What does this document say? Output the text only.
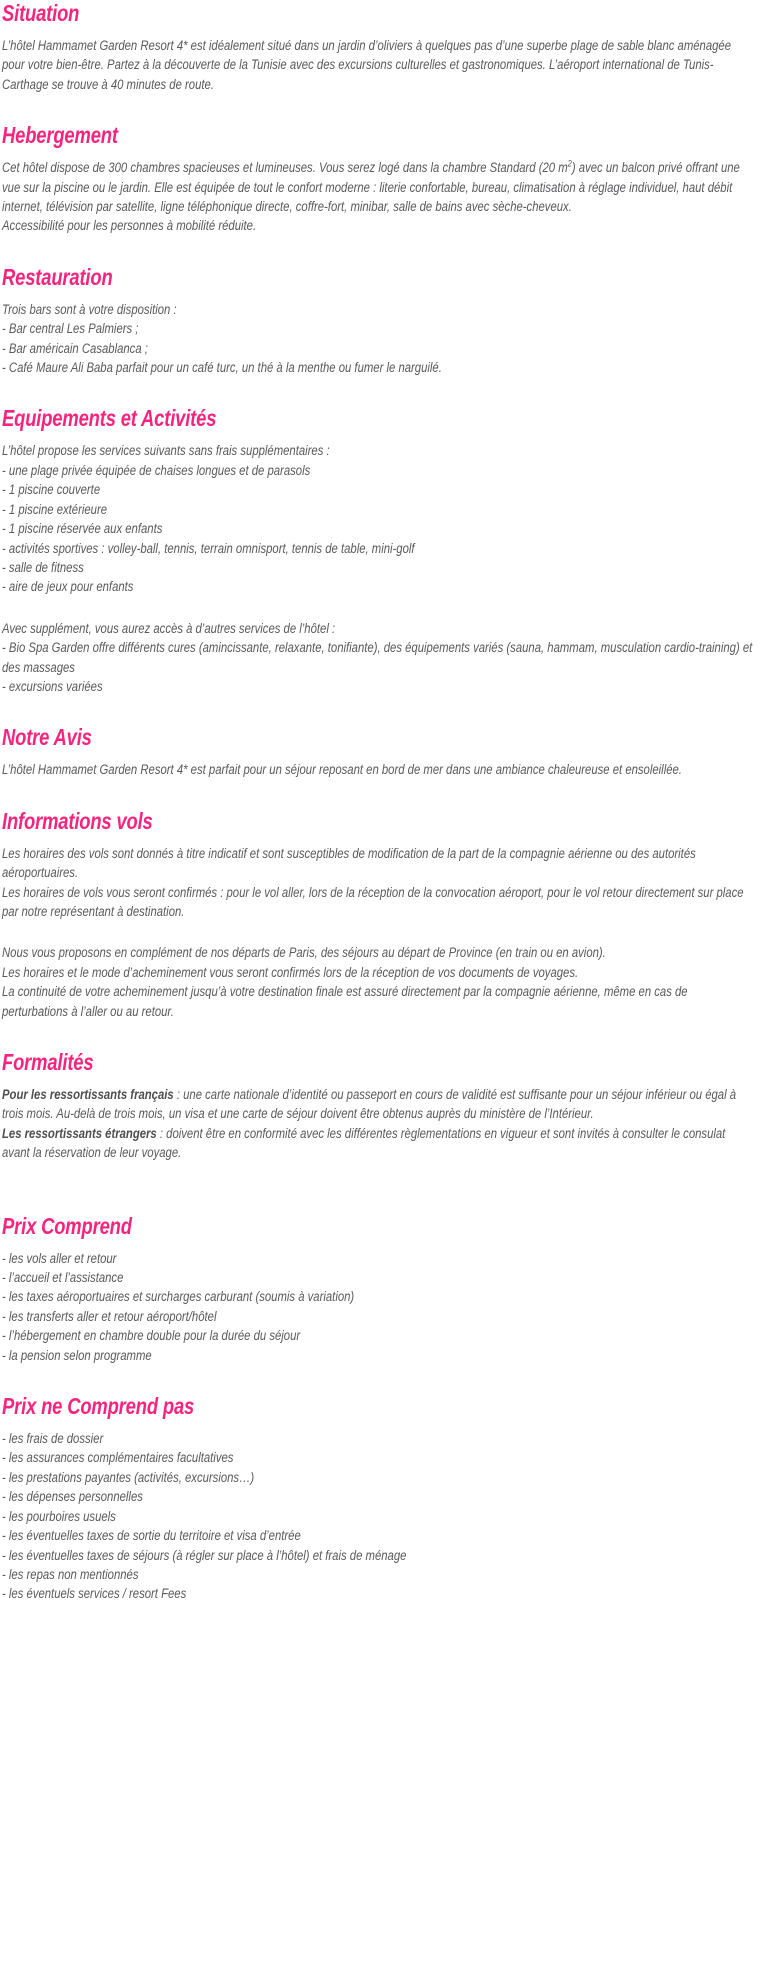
Situation

L’hôtel Hammamet Garden Resort 4* est idéalement situé dans un jardin d’oliviers à quelques pas d’une superbe plage de sable blanc aménagée pour votre bien-être. Partez à la découverte de la Tunisie avec des excursions culturelles et gastronomiques. L’aéroport international de Tunis-Carthage se trouve à 40 minutes de route.

Hebergement

Cet hôtel dispose de 300 chambres spacieuses et lumineuses. Vous serez logé dans la chambre Standard (20 $m^2$) avec un balcon privé offrant une vue sur la piscine ou le jardin. Elle est équipée de tout le confort moderne : literie confortable, bureau, climatisation à réglage individuel, haut débit internet, télévision par satellite, ligne téléphonique directe, coffre-fort, minibar, salle de bains avec sèche-cheveux.

Accessibilité pour les personnes à mobilité réduite.

Restauration

Trois bars sont à votre disposition :

- Bar central Les Palmiers ;

- Bar américain Casablanca ;

- Café Maure Ali Baba parfait pour un café turc, un thé à la menthe ou fumer le narguilé.

Equipements et Activités

L’hôtel propose les services suivants sans frais supplémentaires :

- une plage privée équipée de chaises longues et de parasols

- 1 piscine couverte

- 1 piscine extérieure

- 1 piscine réservée aux enfants

- activités sportives : volley-ball, tennis, terrain omnisport, tennis de table, mini-golf

- salle de fitness

- aire de jeux pour enfants

Avec supplément, vous aurez accès à d’autres services de l’hôtel :

- Bio Spa Garden offre différents cures (amincissante, relaxante, tonifiante), des équipements variés (sauna, hammam, musculation cardio-training) et des massages

- excursions variées

Notre Avis

L’hôtel Hammamet Garden Resort 4* est parfait pour un séjour reposant en bord de mer dans une ambiance chaleureuse et ensoleillée.

Informations vols

Les horaires des vols sont donnés à titre indicatif et sont susceptibles de modification de la part de la compagnie aérienne ou des autorités aéroportuaires.

Les horaires de vols vous seront confirmés : pour le vol aller, lors de la réception de la convocation aéroport, pour le vol retour directement sur place par notre représentant à destination.

Nous vous proposons en complément de nos départs de Paris, des séjours au départ de Province (en train ou en avion).

Les horaires et le mode d’acheminement vous seront confirmés lors de la réception de vos documents de voyages.

La continuité de votre acheminement jusqu’à votre destination finale est assuré directement par la compagnie aérienne, même en cas de perturbations à l’aller ou au retour.

Formalités

Pour les ressortissants français : une carte nationale d’identité ou passeport en cours de validité est suffisante pour un séjour inférieur ou égal à trois mois. Au-delà de trois mois, un visa et une carte de séjour doivent être obtenus auprès du ministère de l’Intérieur.

Les ressortissants étrangers : doivent être en conformité avec les différentes règlementations en vigueur et sont invités à consulter le consulat avant la réservation de leur voyage.

Prix Comprend

- les vols aller et retour

- l’accueil et l’assistance

- les taxes aéroportuaires et surcharges carburant (soumis à variation)

- les transferts aller et retour aéroport/hôtel

- l’hébergement en chambre double pour la durée du séjour

- la pension selon programme

Prix ne Comprend pas

- les frais de dossier

- les assurances complémentaires facultatives

- les prestations payantes (activités, excursions…)

- les dépenses personnelles

- les pourboires usuels

- les éventuelles taxes de sortie du territoire et visa d’entrée

- les éventuelles taxes de séjours (à régler sur place à l’hôtel) et frais de ménage

- les repas non mentionnés

- les éventuels services / resort Fees
